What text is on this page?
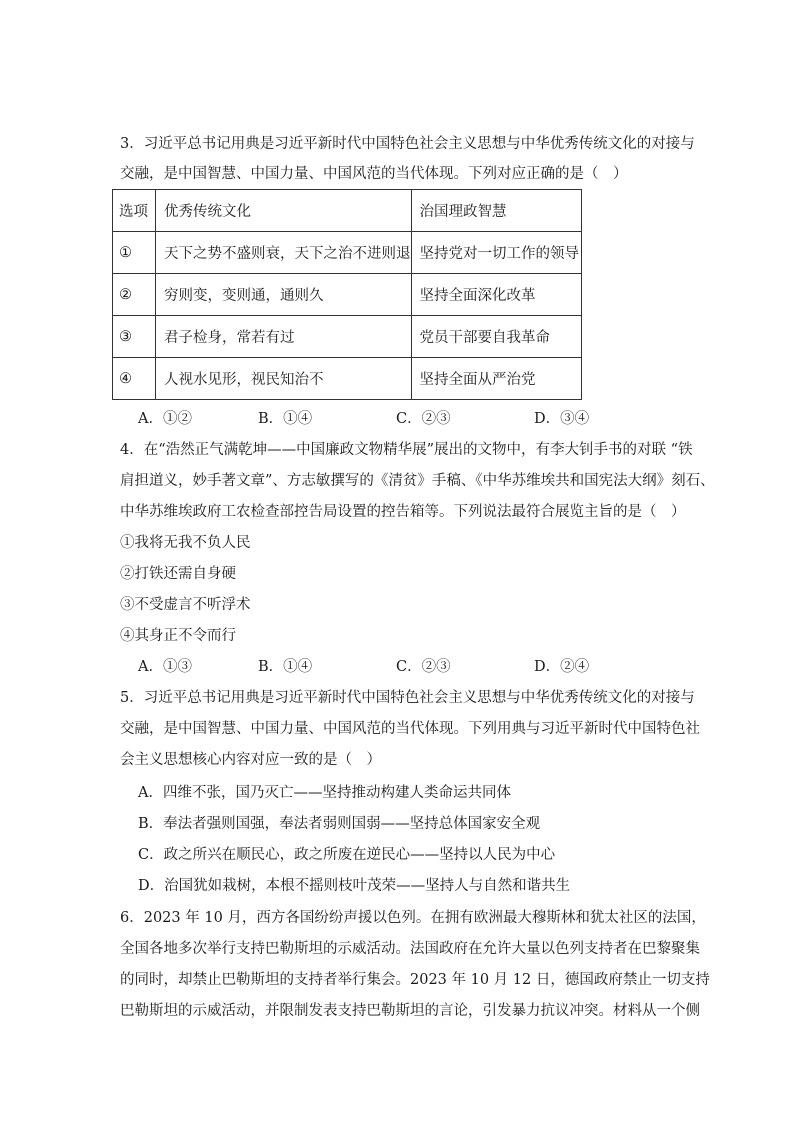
3．习近平总书记用典是习近平新时代中国特色社会主义思想与中华优秀传统文化的对接与
交融，是中国智慧、中国力量、中国风范的当代体现。下列对应正确的是（　）
选项	优秀传统文化	治国理政智慧
①	天下之势不盛则衰，天下之治不进则退	坚持党对一切工作的领导
②	穷则变，变则通，通则久	坚持全面深化改革
③	君子检身，常若有过	党员干部要自我革命
④	人视水见形，视民知治不	坚持全面从严治党
A．①②	B．①④	C．②③	D．③④
4．在“浩然正气满乾坤——中国廉政文物精华展”展出的文物中，有李大钊手书的对联 “铁
肩担道义，妙手著文章”、方志敏撰写的《清贫》手稿、《中华苏维埃共和国宪法大纲》刻石、
中华苏维埃政府工农检查部控告局设置的控告箱等。下列说法最符合展览主旨的是（　）
①我将无我不负人民
②打铁还需自身硬
③不受虚言不听浮术
④其身正不令而行
A．①③	B．①④	C．②③	D．②④
5．习近平总书记用典是习近平新时代中国特色社会主义思想与中华优秀传统文化的对接与
交融，是中国智慧、中国力量、中国风范的当代体现。下列用典与习近平新时代中国特色社
会主义思想核心内容对应一致的是（　）
A．四维不张，国乃灭亡——坚持推动构建人类命运共同体
B．奉法者强则国强，奉法者弱则国弱——坚持总体国家安全观
C．政之所兴在顺民心，政之所废在逆民心——坚持以人民为中心
D．治国犹如栽树，本根不摇则枝叶茂荣——坚持人与自然和谐共生
6．2023 年 10 月，西方各国纷纷声援以色列。在拥有欧洲最大穆斯林和犹太社区的法国，
全国各地多次举行支持巴勒斯坦的示威活动。法国政府在允许大量以色列支持者在巴黎聚集
的同时，却禁止巴勒斯坦的支持者举行集会。2023 年 10 月 12 日，德国政府禁止一切支持
巴勒斯坦的示威活动，并限制发表支持巴勒斯坦的言论，引发暴力抗议冲突。材料从一个侧
